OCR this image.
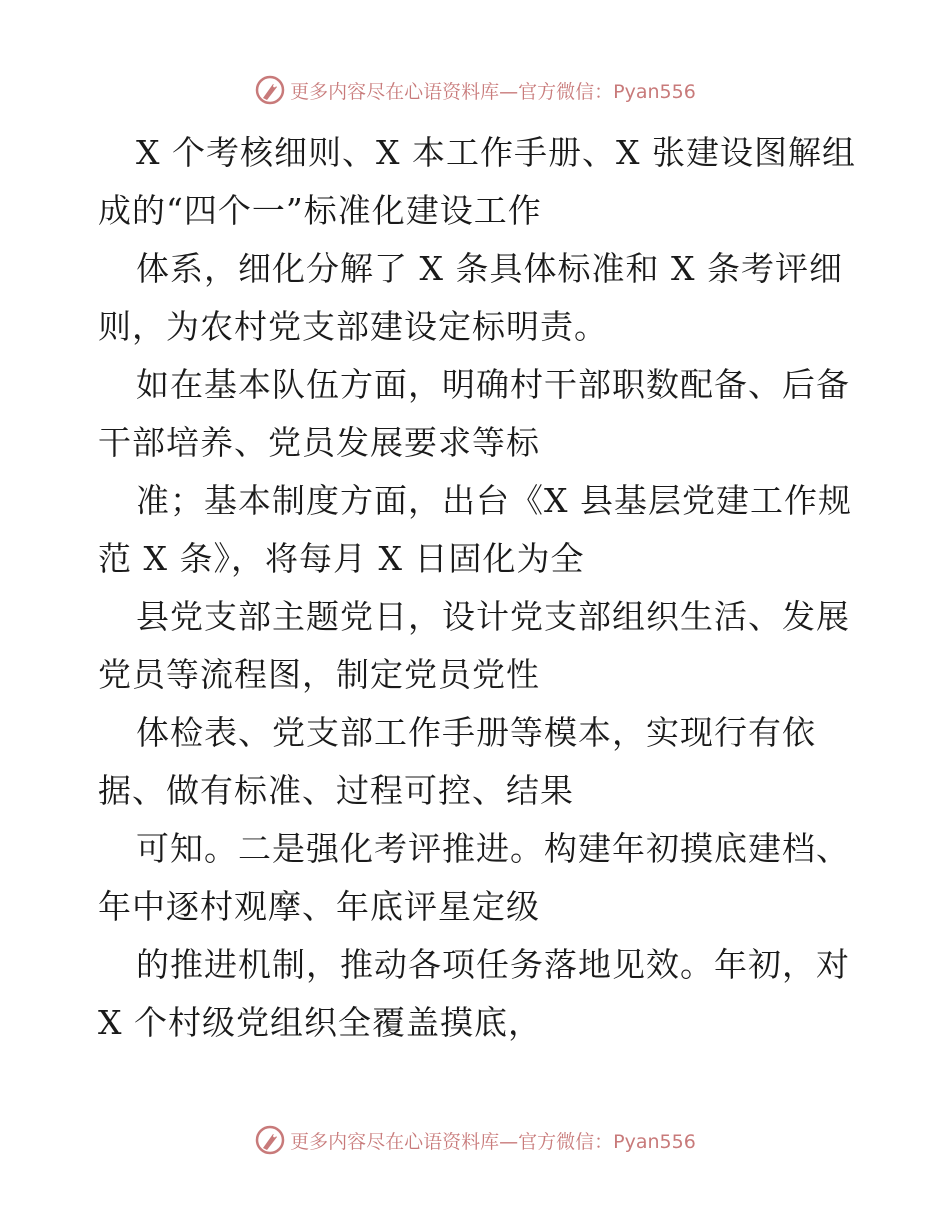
更多内容尽在心语资料库—官方微信：Pyan556
X 个考核细则、X 本工作手册、X 张建设图解组
成的“四个一”标准化建设工作
体系，细化分解了 X 条具体标准和 X 条考评细
则，为农村党支部建设定标明责。
如在基本队伍方面，明确村干部职数配备、后备
干部培养、党员发展要求等标
准；基本制度方面，出台《X 县基层党建工作规
范 X 条》，将每月 X 日固化为全
县党支部主题党日，设计党支部组织生活、发展
党员等流程图，制定党员党性
体检表、党支部工作手册等模本，实现行有依
据、做有标准、过程可控、结果
可知。二是强化考评推进。构建年初摸底建档、
年中逐村观摩、年底评星定级
的推进机制，推动各项任务落地见效。年初，对
X 个村级党组织全覆盖摸底，
更多内容尽在心语资料库—官方微信：Pyan556
